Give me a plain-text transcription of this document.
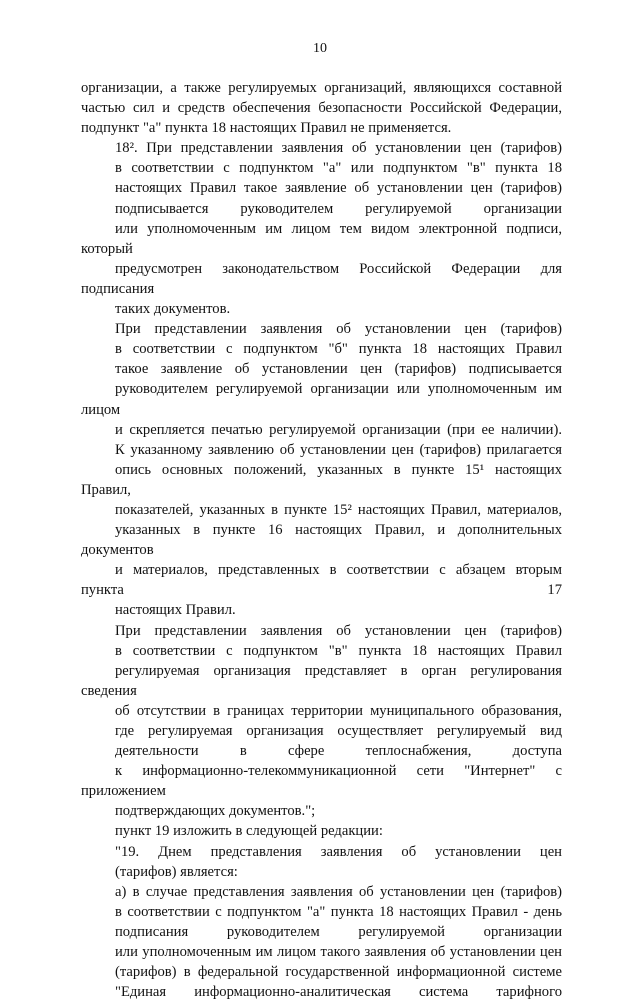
10

организации, а также регулируемых организаций, являющихся составной
частью сил и средств обеспечения безопасности Российской Федерации,
подпункт "а" пункта 18 настоящих Правил не применяется.

18². При представлении заявления об установлении цен (тарифов)
в соответствии с подпунктом "а" или подпунктом "в" пункта 18
настоящих Правил такое заявление об установлении цен (тарифов)
подписывается руководителем регулируемой организации
или уполномоченным им лицом тем видом электронной подписи, который
предусмотрен законодательством Российской Федерации для подписания
таких документов.

При представлении заявления об установлении цен (тарифов)
в соответствии с подпунктом "б" пункта 18 настоящих Правил
такое заявление об установлении цен (тарифов) подписывается
руководителем регулируемой организации или уполномоченным им лицом
и скрепляется печатью регулируемой организации (при ее наличии).
К указанному заявлению об установлении цен (тарифов) прилагается
опись основных положений, указанных в пункте 15¹ настоящих Правил,
показателей, указанных в пункте 15² настоящих Правил, материалов,
указанных в пункте 16 настоящих Правил, и дополнительных документов
и материалов, представленных в соответствии с абзацем вторым пункта 17
настоящих Правил.

При представлении заявления об установлении цен (тарифов)
в соответствии с подпунктом "в" пункта 18 настоящих Правил
регулируемая организация представляет в орган регулирования сведения
об отсутствии в границах территории муниципального образования,
где регулируемая организация осуществляет регулируемый вид
деятельности в сфере теплоснабжения, доступа
к информационно-телекоммуникационной сети "Интернет" с приложением
подтверждающих документов.";

пункт 19 изложить в следующей редакции:

"19. Днем представления заявления об установлении цен
(тарифов) является:

а) в случае представления заявления об установлении цен (тарифов)
в соответствии с подпунктом "а" пункта 18 настоящих Правил - день
подписания руководителем регулируемой организации
или уполномоченным им лицом такого заявления об установлении цен
(тарифов) в федеральной государственной информационной системе
"Единая информационно-аналитическая система тарифного
